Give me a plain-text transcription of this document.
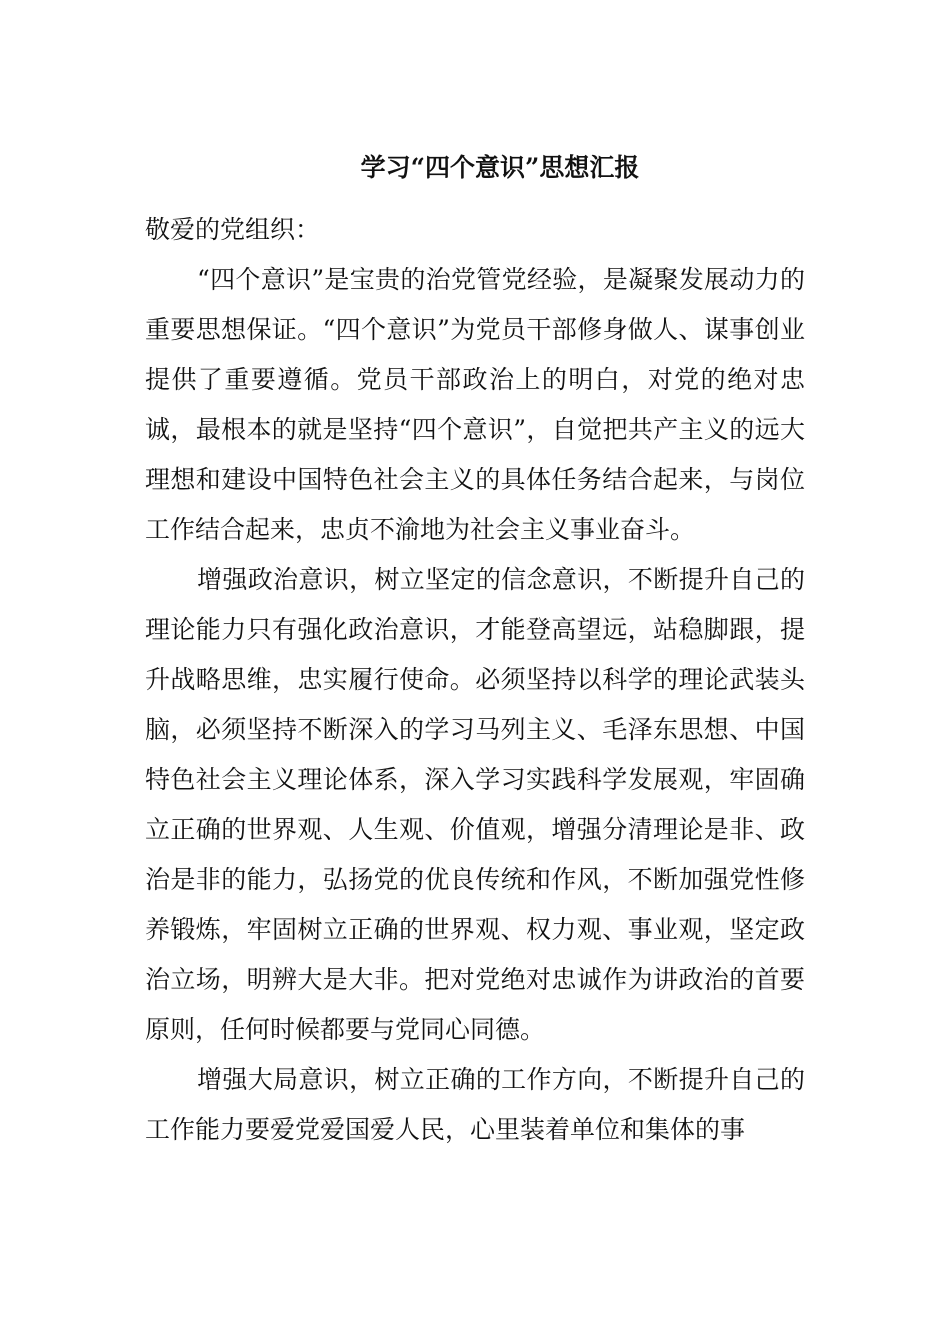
学习“四个意识”思想汇报

敬爱的党组织：

“四个意识”是宝贵的治党管党经验，是凝聚发展动力的重要思想保证。“四个意识”为党员干部修身做人、谋事创业提供了重要遵循。党员干部政治上的明白，对党的绝对忠诚，最根本的就是坚持“四个意识”，自觉把共产主义的远大理想和建设中国特色社会主义的具体任务结合起来，与岗位工作结合起来，忠贞不渝地为社会主义事业奋斗。

增强政治意识，树立坚定的信念意识，不断提升自己的理论能力只有强化政治意识，才能登高望远，站稳脚跟，提升战略思维，忠实履行使命。必须坚持以科学的理论武装头脑，必须坚持不断深入的学习马列主义、毛泽东思想、中国特色社会主义理论体系，深入学习实践科学发展观，牢固确立正确的世界观、人生观、价值观，增强分清理论是非、政治是非的能力，弘扬党的优良传统和作风，不断加强党性修养锻炼，牢固树立正确的世界观、权力观、事业观，坚定政治立场，明辨大是大非。把对党绝对忠诚作为讲政治的首要原则，任何时候都要与党同心同德。

增强大局意识，树立正确的工作方向，不断提升自己的工作能力要爱党爱国爱人民，心里装着单位和集体的事
